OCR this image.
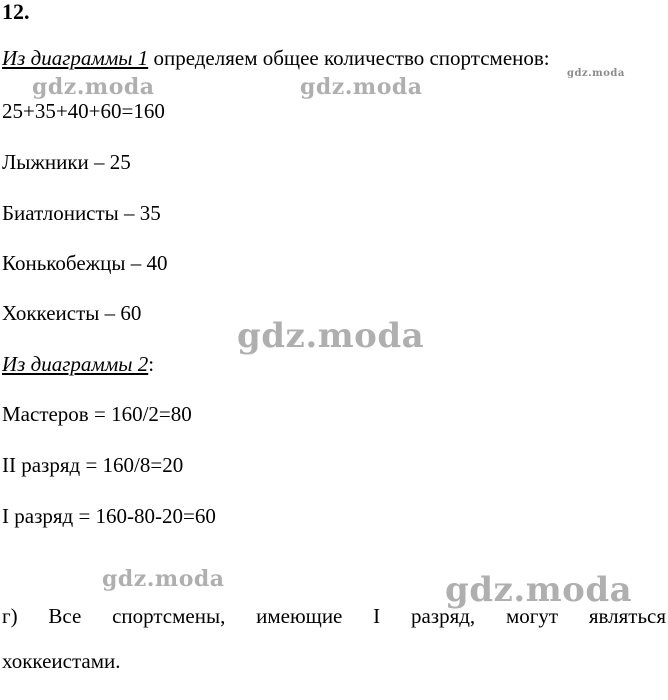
12.
Из диаграммы 1 определяем общее количество спортсменов:
25+35+40+60=160
Лыжники – 25
Биатлонисты – 35
Конькобежцы – 40
Хоккеисты – 60
Из диаграммы 2:
Мастеров = 160/2=80
II разряд = 160/8=20
I разряд = 160-80-20=60
г) Все спортсмены, имеющие I разряд, могут являться
хоккеистами.
gdz.moda	gdz.moda
gdz.moda
gdz.moda
gdz.moda	gdz.moda
